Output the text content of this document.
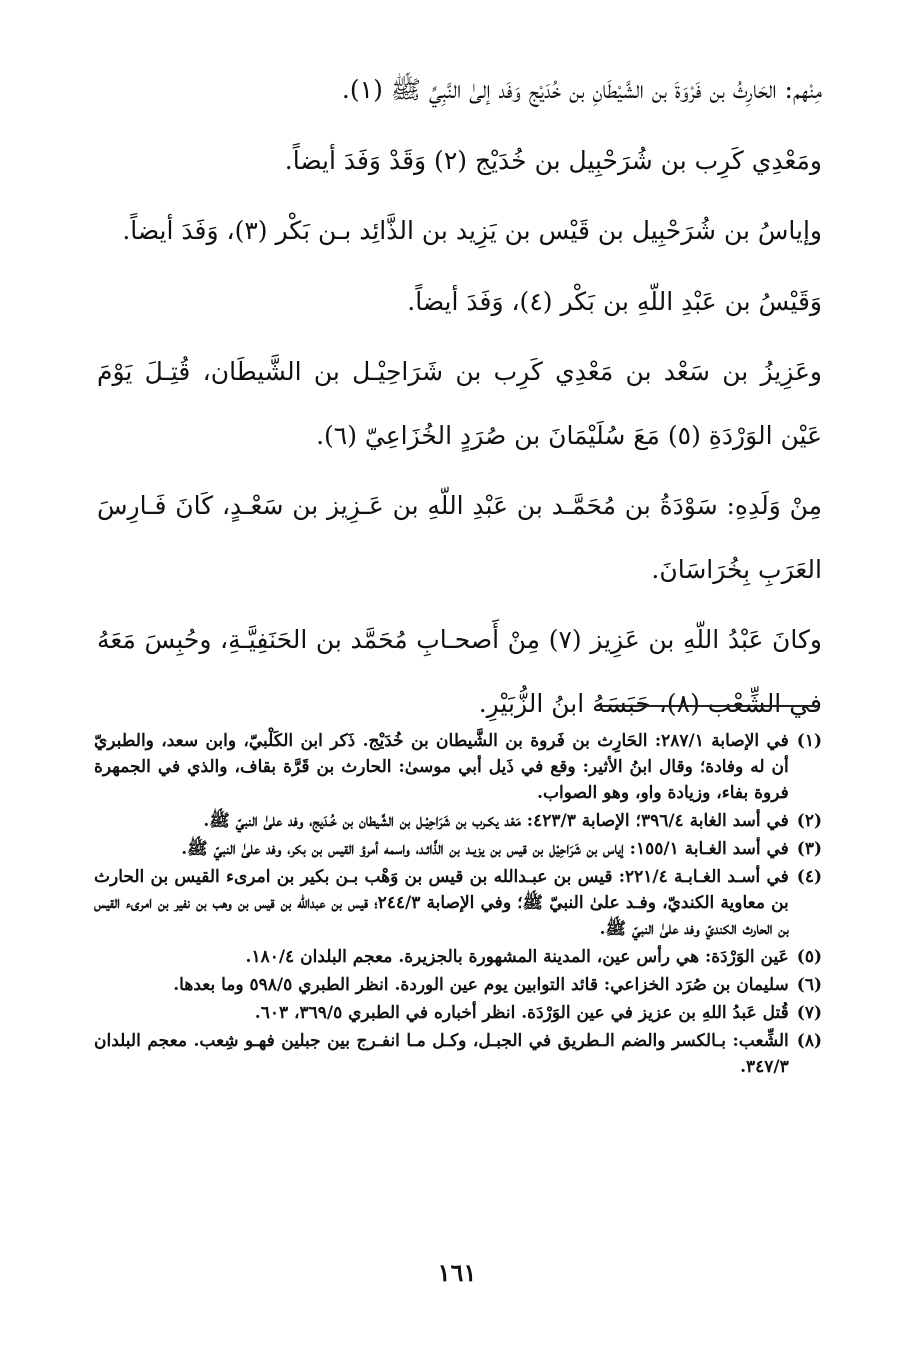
مِنْهم: الحَارِثُ بن فَرْوَةَ بن الشَّيْطَانِ بن خُدَيْج وَفَد إلىٰ النَّبِيِّ ﷺ (١).

ومَعْدِي كَرِب بن شُرَحْبِيل بن خُدَيْج (٢) وَقَدْ وَفَدَ أيضاً.

وإياسُ بن شُرَحْبِيل بن قَيْس بن يَزِيد بن الذَّائِد بـن بَكْر (٣)، وَفَدَ أيضاً.

وَقَيْسُ بن عَبْدِ اللّهِ بن بَكْر (٤)، وَفَدَ أيضاً.

وعَزِيزُ بن سَعْد بن مَعْدِي كَرِب بن شَرَاحِيْـل بن الشَّيطَان، قُتِـلَ يَوْمَ عَيْن الوَرْدَةِ (٥) مَعَ سُلَيْمَانَ بن صُرَدٍ الخُزَاعِيّ (٦).

مِنْ وَلَدِهِ: سَوْدَةُ بن مُحَمَّـد بن عَبْدِ اللّهِ بن عَـزِيز بن سَعْـدٍ، كَانَ فَـارِسَ العَرَبِ بِخُرَاسَانَ.

وكانَ عَبْدُ اللّهِ بن عَزِيز (٧) مِنْ أَصحـابِ مُحَمَّد بن الحَنَفِيَّـةِ، وحُبِسَ مَعَهُ في الشِّعْب (٨)، حَبَسَهُ ابنُ الزُّبَيْرِ.

(١)
في الإصابة ٢٨٧/١: الحَارِث بن فَروة بن الشَّيطان بن خُدَيْج. ذَكر ابن الكَلْبيّ، وابن سعد، والطبريّ أن له وفادة؛ وقال ابنُ الأثير: وقع في ذَيل أبي موسىٰ: الحارث بن قَرَّة بقاف، والذي في الجمهرة فروة بفاء، وزيادة واو، وهو الصواب.
(٢)
في أسد الغابة ٣٩٦/٤؛ الإصابة ٤٢٣/٣: مَعْد يكـرب بن شَرَاحِيْـل بن الشَّيطان بن خُـدَيج، وفد علىٰ النبيّ ﷺ.
(٣)
في أسد الغـابة ١٥٥/١: إياس بن شَرَاحِيْل بن قيس بن يزيـد بن الذَّائـد، واسمه أمرؤ القيس بن بكر، وفد علىٰ النبيّ ﷺ.
(٤)
في أسـد الغـابـة ٢٢١/٤: قيس بن عبـدالله بن قيس بن وَهْب بـن بكير بن امرىء القيس بن الحارث بن معاوية الكنديّ، وفـد علىٰ النبيّ ﷺ؛ وفي الإصابة ٢٤٤/٣؛ قيس بن عبدالله بن قيس بن وهب بن نفير بن امرىء القيس بن الحارث الكنديّ وفد علىٰ النبيّ ﷺ.
(٥)
عَين الوَرْدَة: هي رأس عين، المدينة المشهورة بالجزيرة. معجم البلدان ١٨٠/٤.
(٦)
سليمان بن صُرَد الخزاعي: قائد التوابين يوم عين الوردة. انظر الطبري ٥٩٨/٥ وما بعدها.
(٧)
قُتل عَبدُ اللهِ بن عزيز في عين الوَرْدَة. انظر أخباره في الطبري ٣٦٩/٥، ٦٠٣.
(٨)
الشِّعب: بـالكسر والضم الـطريق في الجبـل، وكـل مـا انفـرج بين جبلين فهـو شِعب. معجم البلدان ٣٤٧/٣.
١٦١
